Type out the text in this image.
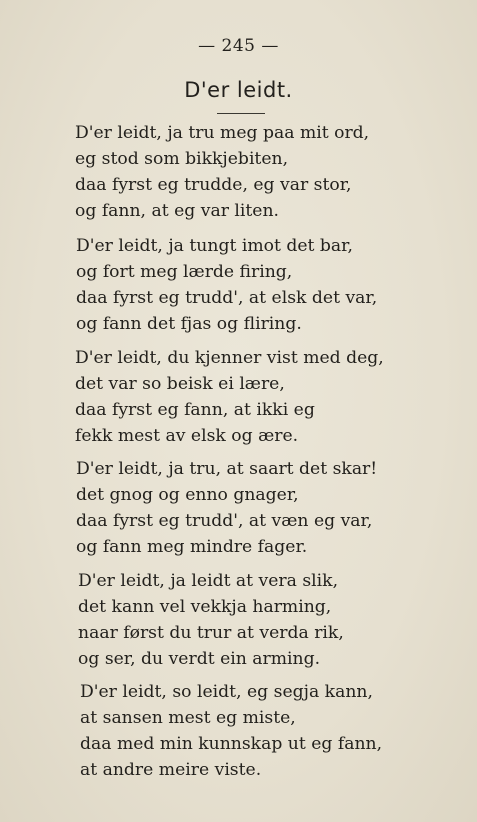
— 245 —
D'er leidt.
D'er leidt, ja tru meg paa mit ord,
eg stod som bikkjebiten,
daa fyrst eg trudde, eg var stor,
og fann, at eg var liten.
D'er leidt, ja tungt imot det bar,
og fort meg lærde firing,
daa fyrst eg trudd', at elsk det var,
og fann det fjas og fliring.
D'er leidt, du kjenner vist med deg,
det var so beisk ei lære,
daa fyrst eg fann, at ikki eg
fekk mest av elsk og ære.
D'er leidt, ja tru, at saart det skar!
det gnog og enno gnager,
daa fyrst eg trudd', at væn eg var,
og fann meg mindre fager.
D'er leidt, ja leidt at vera slik,
det kann vel vekkja harming,
naar først du trur at verda rik,
og ser, du verdt ein arming.
D'er leidt, so leidt, eg segja kann,
at sansen mest eg miste,
daa med min kunnskap ut eg fann,
at andre meire viste.
